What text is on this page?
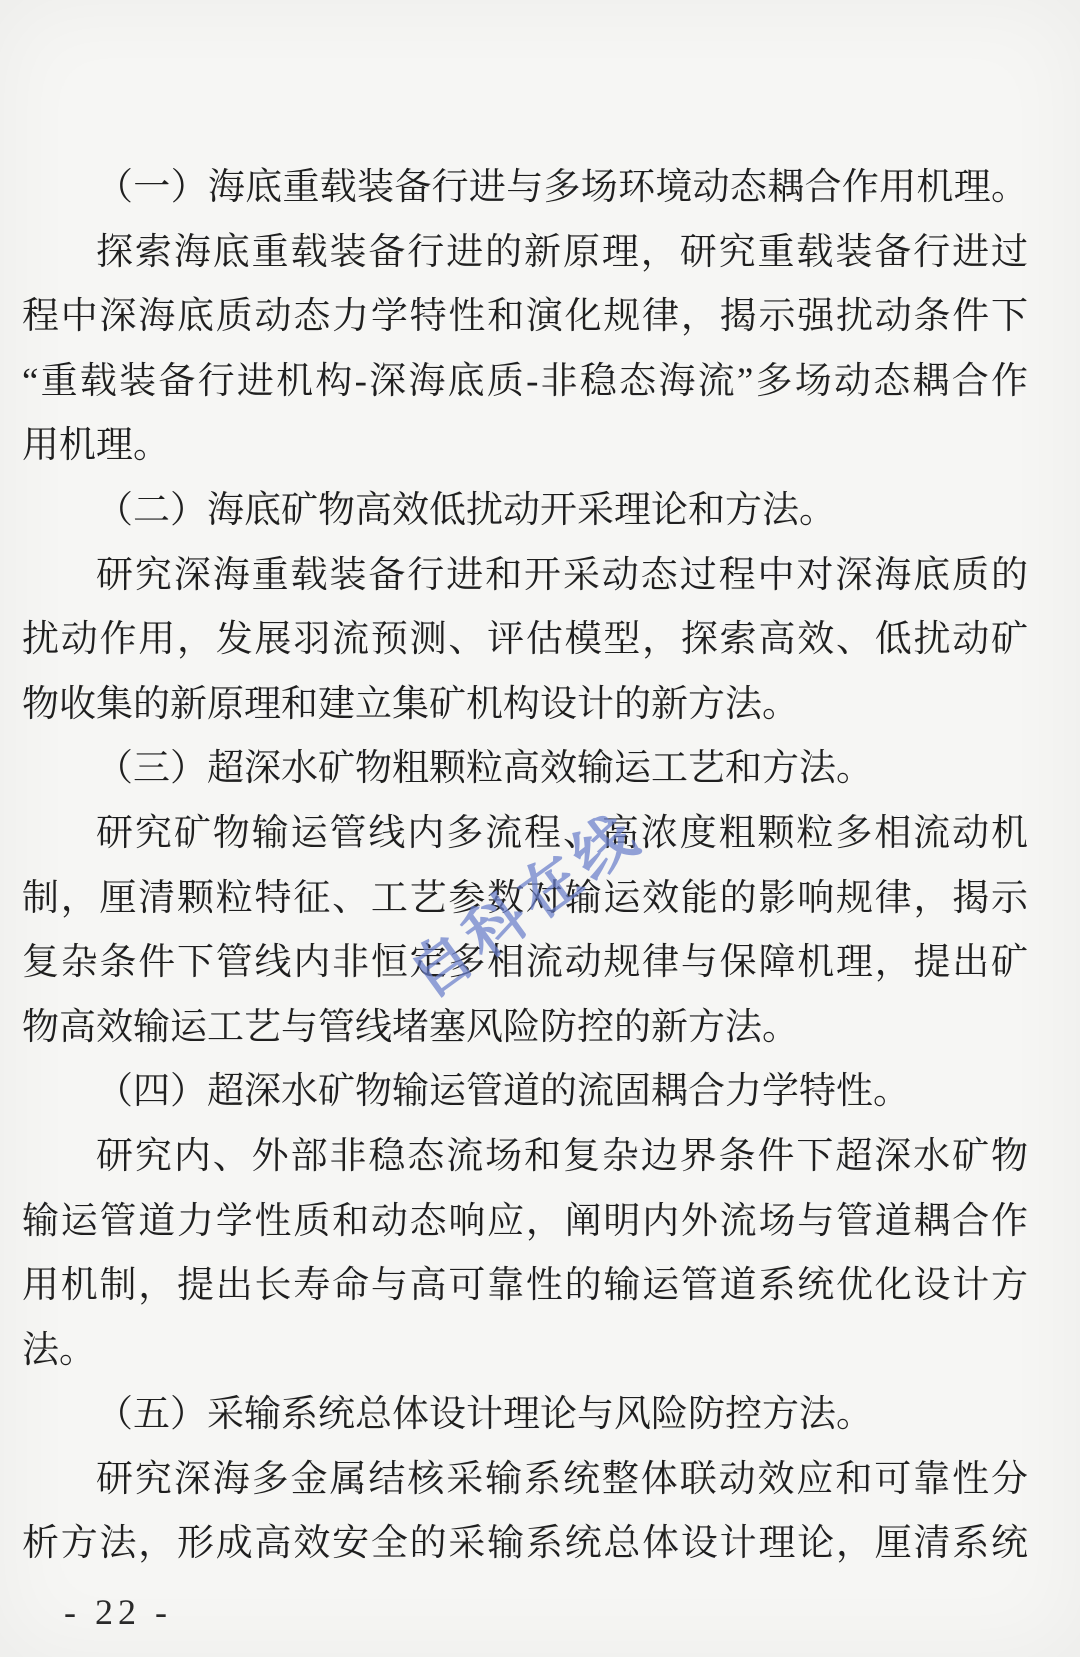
自科在线
（一）海底重载装备行进与多场环境动态耦合作用机理。
探索海底重载装备行进的新原理，研究重载装备行进过
程中深海底质动态力学特性和演化规律，揭示强扰动条件下
“重载装备行进机构-深海底质-非稳态海流”多场动态耦合作
用机理。
（二）海底矿物高效低扰动开采理论和方法。
研究深海重载装备行进和开采动态过程中对深海底质的
扰动作用，发展羽流预测、评估模型，探索高效、低扰动矿
物收集的新原理和建立集矿机构设计的新方法。
（三）超深水矿物粗颗粒高效输运工艺和方法。
研究矿物输运管线内多流程、高浓度粗颗粒多相流动机
制，厘清颗粒特征、工艺参数对输运效能的影响规律，揭示
复杂条件下管线内非恒定多相流动规律与保障机理，提出矿
物高效输运工艺与管线堵塞风险防控的新方法。
（四）超深水矿物输运管道的流固耦合力学特性。
研究内、外部非稳态流场和复杂边界条件下超深水矿物
输运管道力学性质和动态响应，阐明内外流场与管道耦合作
用机制，提出长寿命与高可靠性的输运管道系统优化设计方
法。
（五）采输系统总体设计理论与风险防控方法。
研究深海多金属结核采输系统整体联动效应和可靠性分
析方法，形成高效安全的采输系统总体设计理论，厘清系统
- 22 -
